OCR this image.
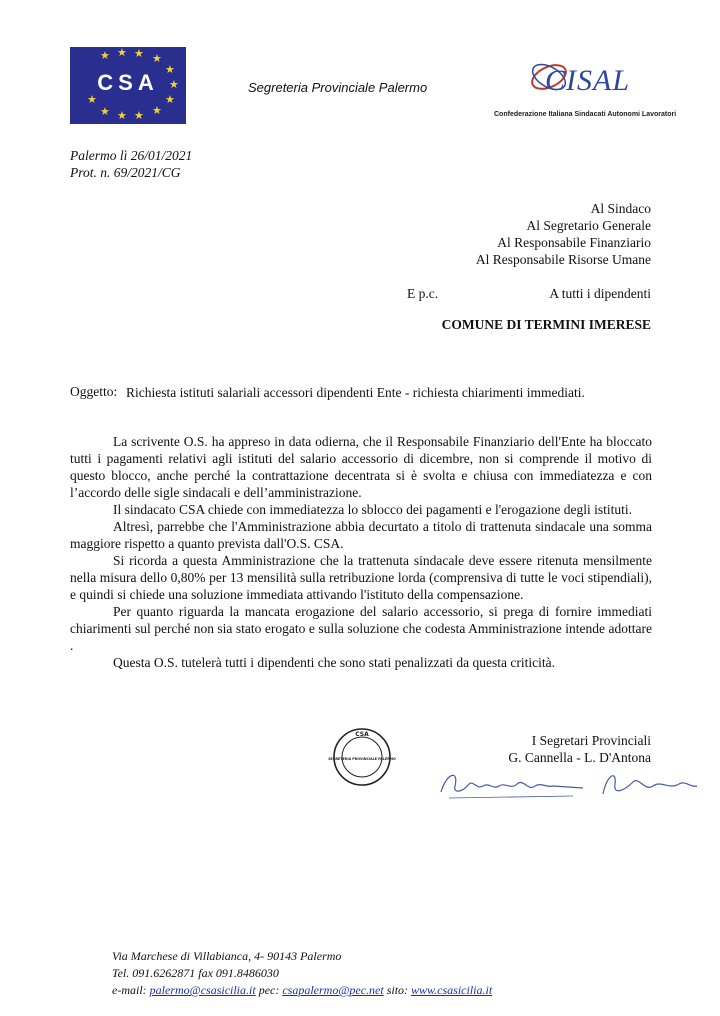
★ ★ ★ ★
★
★
★
★
★
★
★
★
CSA	Segreteria Provinciale Palermo	CISAL
Confederazione Italiana Sindacati Autonomi Lavoratori
Palermo lì 26/01/2021
Prot. n. 69/2021/CG
Al Sindaco
Al Segretario Generale
Al Responsabile Finanziario
Al Responsabile Risorse Umane
E p.c.	A tutti i dipendenti
COMUNE DI TERMINI IMERESE
Oggetto: Richiesta istituti salariali accessori dipendenti Ente - richiesta chiarimenti immediati.

La scrivente O.S. ha appreso in data odierna, che il Responsabile Finanziario dell'Ente ha bloccato tutti i pagamenti relativi agli istituti del salario accessorio di dicembre, non si comprende il motivo di questo blocco, anche perché la contrattazione decentrata si è svolta e chiusa con immediatezza e con l’accordo delle sigle sindacali e dell’amministrazione.

Il sindacato CSA chiede con immediatezza lo sblocco dei pagamenti e l'erogazione degli istituti.

Altresì, parrebbe che l'Amministrazione abbia decurtato a titolo di trattenuta sindacale una somma maggiore rispetto a quanto prevista dall'O.S. CSA.

Si ricorda a questa Amministrazione che la trattenuta sindacale deve essere ritenuta mensilmente nella misura dello 0,80% per 13 mensilità sulla retribuzione lorda (comprensiva di tutte le voci stipendiali), e quindi si chiede una soluzione immediata attivando l'istituto della compensazione.

Per quanto riguarda la mancata erogazione del salario accessorio, si prega di fornire immediati chiarimenti sul perché non sia stato erogato e sulla soluzione che codesta Amministrazione intende adottare .

Questa O.S. tutelerà tutti i dipendenti che sono stati penalizzati da questa criticità.

CSA
SEGRETERIA PROVINCIALE PALERMO
I Segretari Provinciali
G. Cannella - L. D'Antona
Via Marchese di Villabianca, 4- 90143 Palermo
Tel. 091.6262871 fax 091.8486030
e-mail: palermo@csasicilia.it pec: csapalermo@pec.net sito: www.csasicilia.it
